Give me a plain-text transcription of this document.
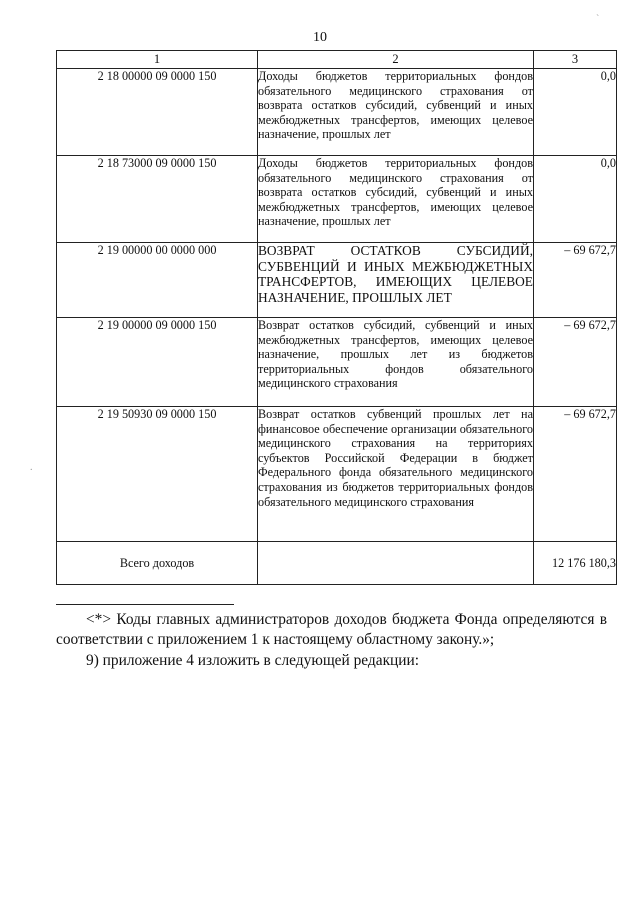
10
1	2	3
2 18 00000 09 0000 150	Доходы бюджетов территориальных фондов обязательного медицинского страхования от возврата остатков субсидий, субвенций и иных межбюджетных трансфертов, имеющих целевое назначение, прошлых лет	0,0
2 18 73000 09 0000 150	Доходы бюджетов территориальных фондов обязательного медицинского страхования от возврата остатков субсидий, субвенций и иных межбюджетных трансфертов, имеющих целевое назначение, прошлых лет	0,0
2 19 00000 00 0000 000	ВОЗВРАТ ОСТАТКОВ СУБСИДИЙ, СУБВЕНЦИЙ И ИНЫХ МЕЖБЮДЖЕТНЫХ ТРАНСФЕРТОВ, ИМЕЮЩИХ ЦЕЛЕВОЕ НАЗНАЧЕНИЕ, ПРОШЛЫХ ЛЕТ	– 69 672,7
2 19 00000 09 0000 150	Возврат остатков субсидий, субвенций и иных межбюджетных трансфертов, имеющих целевое назначение, прошлых лет из бюджетов территориальных фондов обязательного медицинского страхования	– 69 672,7
2 19 50930 09 0000 150	Возврат остатков субвенций прошлых лет на финансовое обеспечение организации обязательного медицинского страхования на территориях субъектов Российской Федерации в бюджет Федерального фонда обязательного медицинского страхования из бюджетов территориальных фондов обязательного медицинского страхования	– 69 672,7
Всего доходов		12 176 180,3
<*> Коды главных администраторов доходов бюджета Фонда определяются в соответствии с приложением 1 к настоящему областному закону.»;
9) приложение 4 изложить в следующей редакции:
`
.
